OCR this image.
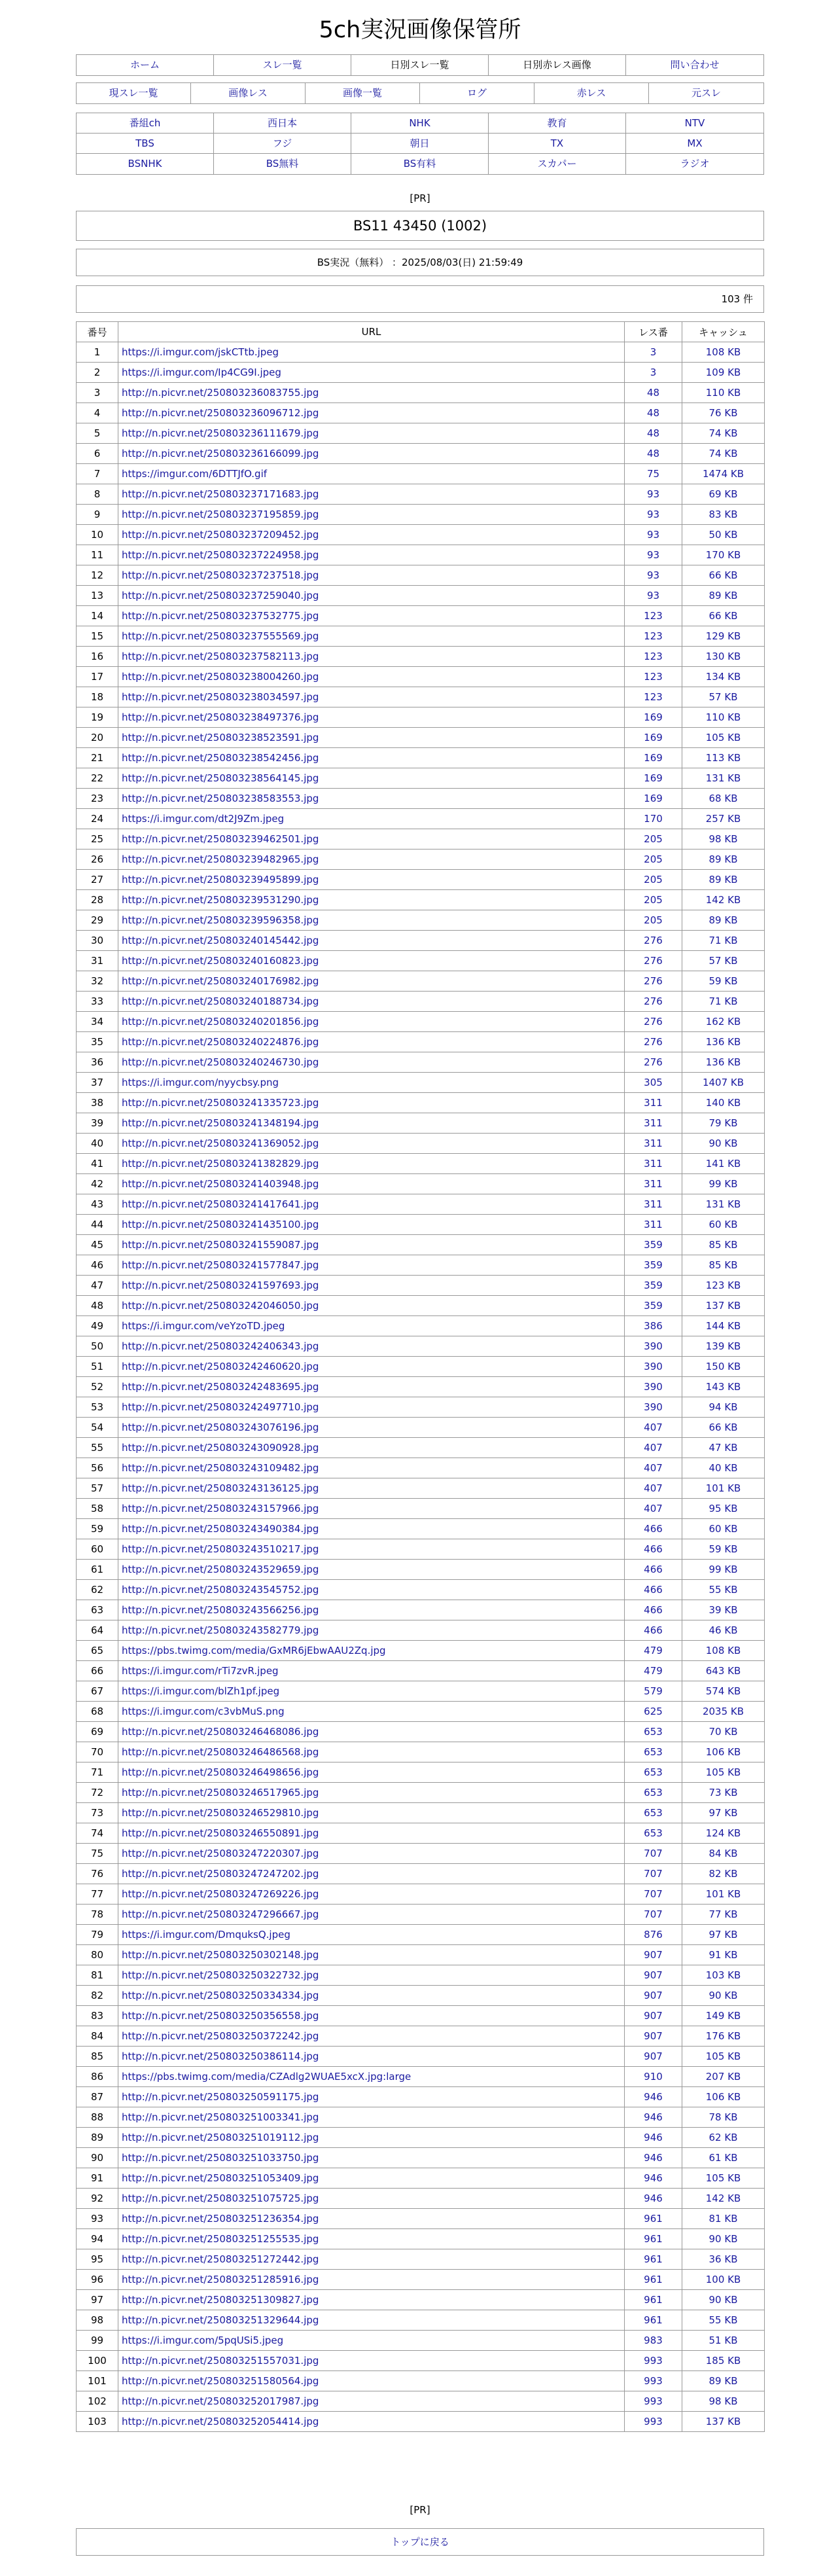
5ch実況画像保管所
ホーム	スレ一覧	日別スレ一覧	日別赤レス画像	問い合わせ
現スレ一覧	画像レス	画像一覧	ログ	赤レス	元スレ
番組ch	西日本	NHK	教育	NTV
TBS	フジ	朝日	TX	MX
BSNHK	BS無料	BS有料	スカパー	ラジオ
[PR]
BS11 43450 (1002)
BS実況（無料） ：2025/08/03(日) 21:59:49
103 件
番号	URL	レス番	キャッシュ
1	https://i.imgur.com/jskCTtb.jpeg	3	108 KB
2	https://i.imgur.com/Ip4CG9I.jpeg	3	109 KB
3	http://n.picvr.net/250803236083755.jpg	48	110 KB
4	http://n.picvr.net/250803236096712.jpg	48	76 KB
5	http://n.picvr.net/250803236111679.jpg	48	74 KB
6	http://n.picvr.net/250803236166099.jpg	48	74 KB
7	https://imgur.com/6DTTJfO.gif	75	1474 KB
8	http://n.picvr.net/250803237171683.jpg	93	69 KB
9	http://n.picvr.net/250803237195859.jpg	93	83 KB
10	http://n.picvr.net/250803237209452.jpg	93	50 KB
11	http://n.picvr.net/250803237224958.jpg	93	170 KB
12	http://n.picvr.net/250803237237518.jpg	93	66 KB
13	http://n.picvr.net/250803237259040.jpg	93	89 KB
14	http://n.picvr.net/250803237532775.jpg	123	66 KB
15	http://n.picvr.net/250803237555569.jpg	123	129 KB
16	http://n.picvr.net/250803237582113.jpg	123	130 KB
17	http://n.picvr.net/250803238004260.jpg	123	134 KB
18	http://n.picvr.net/250803238034597.jpg	123	57 KB
19	http://n.picvr.net/250803238497376.jpg	169	110 KB
20	http://n.picvr.net/250803238523591.jpg	169	105 KB
21	http://n.picvr.net/250803238542456.jpg	169	113 KB
22	http://n.picvr.net/250803238564145.jpg	169	131 KB
23	http://n.picvr.net/250803238583553.jpg	169	68 KB
24	https://i.imgur.com/dt2J9Zm.jpeg	170	257 KB
25	http://n.picvr.net/250803239462501.jpg	205	98 KB
26	http://n.picvr.net/250803239482965.jpg	205	89 KB
27	http://n.picvr.net/250803239495899.jpg	205	89 KB
28	http://n.picvr.net/250803239531290.jpg	205	142 KB
29	http://n.picvr.net/250803239596358.jpg	205	89 KB
30	http://n.picvr.net/250803240145442.jpg	276	71 KB
31	http://n.picvr.net/250803240160823.jpg	276	57 KB
32	http://n.picvr.net/250803240176982.jpg	276	59 KB
33	http://n.picvr.net/250803240188734.jpg	276	71 KB
34	http://n.picvr.net/250803240201856.jpg	276	162 KB
35	http://n.picvr.net/250803240224876.jpg	276	136 KB
36	http://n.picvr.net/250803240246730.jpg	276	136 KB
37	https://i.imgur.com/nyycbsy.png	305	1407 KB
38	http://n.picvr.net/250803241335723.jpg	311	140 KB
39	http://n.picvr.net/250803241348194.jpg	311	79 KB
40	http://n.picvr.net/250803241369052.jpg	311	90 KB
41	http://n.picvr.net/250803241382829.jpg	311	141 KB
42	http://n.picvr.net/250803241403948.jpg	311	99 KB
43	http://n.picvr.net/250803241417641.jpg	311	131 KB
44	http://n.picvr.net/250803241435100.jpg	311	60 KB
45	http://n.picvr.net/250803241559087.jpg	359	85 KB
46	http://n.picvr.net/250803241577847.jpg	359	85 KB
47	http://n.picvr.net/250803241597693.jpg	359	123 KB
48	http://n.picvr.net/250803242046050.jpg	359	137 KB
49	https://i.imgur.com/veYzoTD.jpeg	386	144 KB
50	http://n.picvr.net/250803242406343.jpg	390	139 KB
51	http://n.picvr.net/250803242460620.jpg	390	150 KB
52	http://n.picvr.net/250803242483695.jpg	390	143 KB
53	http://n.picvr.net/250803242497710.jpg	390	94 KB
54	http://n.picvr.net/250803243076196.jpg	407	66 KB
55	http://n.picvr.net/250803243090928.jpg	407	47 KB
56	http://n.picvr.net/250803243109482.jpg	407	40 KB
57	http://n.picvr.net/250803243136125.jpg	407	101 KB
58	http://n.picvr.net/250803243157966.jpg	407	95 KB
59	http://n.picvr.net/250803243490384.jpg	466	60 KB
60	http://n.picvr.net/250803243510217.jpg	466	59 KB
61	http://n.picvr.net/250803243529659.jpg	466	99 KB
62	http://n.picvr.net/250803243545752.jpg	466	55 KB
63	http://n.picvr.net/250803243566256.jpg	466	39 KB
64	http://n.picvr.net/250803243582779.jpg	466	46 KB
65	https://pbs.twimg.com/media/GxMR6jEbwAAU2Zq.jpg	479	108 KB
66	https://i.imgur.com/rTi7zvR.jpeg	479	643 KB
67	https://i.imgur.com/blZh1pf.jpeg	579	574 KB
68	https://i.imgur.com/c3vbMuS.png	625	2035 KB
69	http://n.picvr.net/250803246468086.jpg	653	70 KB
70	http://n.picvr.net/250803246486568.jpg	653	106 KB
71	http://n.picvr.net/250803246498656.jpg	653	105 KB
72	http://n.picvr.net/250803246517965.jpg	653	73 KB
73	http://n.picvr.net/250803246529810.jpg	653	97 KB
74	http://n.picvr.net/250803246550891.jpg	653	124 KB
75	http://n.picvr.net/250803247220307.jpg	707	84 KB
76	http://n.picvr.net/250803247247202.jpg	707	82 KB
77	http://n.picvr.net/250803247269226.jpg	707	101 KB
78	http://n.picvr.net/250803247296667.jpg	707	77 KB
79	https://i.imgur.com/DmquksQ.jpeg	876	97 KB
80	http://n.picvr.net/250803250302148.jpg	907	91 KB
81	http://n.picvr.net/250803250322732.jpg	907	103 KB
82	http://n.picvr.net/250803250334334.jpg	907	90 KB
83	http://n.picvr.net/250803250356558.jpg	907	149 KB
84	http://n.picvr.net/250803250372242.jpg	907	176 KB
85	http://n.picvr.net/250803250386114.jpg	907	105 KB
86	https://pbs.twimg.com/media/CZAdlg2WUAE5xcX.jpg:large	910	207 KB
87	http://n.picvr.net/250803250591175.jpg	946	106 KB
88	http://n.picvr.net/250803251003341.jpg	946	78 KB
89	http://n.picvr.net/250803251019112.jpg	946	62 KB
90	http://n.picvr.net/250803251033750.jpg	946	61 KB
91	http://n.picvr.net/250803251053409.jpg	946	105 KB
92	http://n.picvr.net/250803251075725.jpg	946	142 KB
93	http://n.picvr.net/250803251236354.jpg	961	81 KB
94	http://n.picvr.net/250803251255535.jpg	961	90 KB
95	http://n.picvr.net/250803251272442.jpg	961	36 KB
96	http://n.picvr.net/250803251285916.jpg	961	100 KB
97	http://n.picvr.net/250803251309827.jpg	961	90 KB
98	http://n.picvr.net/250803251329644.jpg	961	55 KB
99	https://i.imgur.com/5pqUSi5.jpeg	983	51 KB
100	http://n.picvr.net/250803251557031.jpg	993	185 KB
101	http://n.picvr.net/250803251580564.jpg	993	89 KB
102	http://n.picvr.net/250803252017987.jpg	993	98 KB
103	http://n.picvr.net/250803252054414.jpg	993	137 KB
[PR]
トップに戻る
